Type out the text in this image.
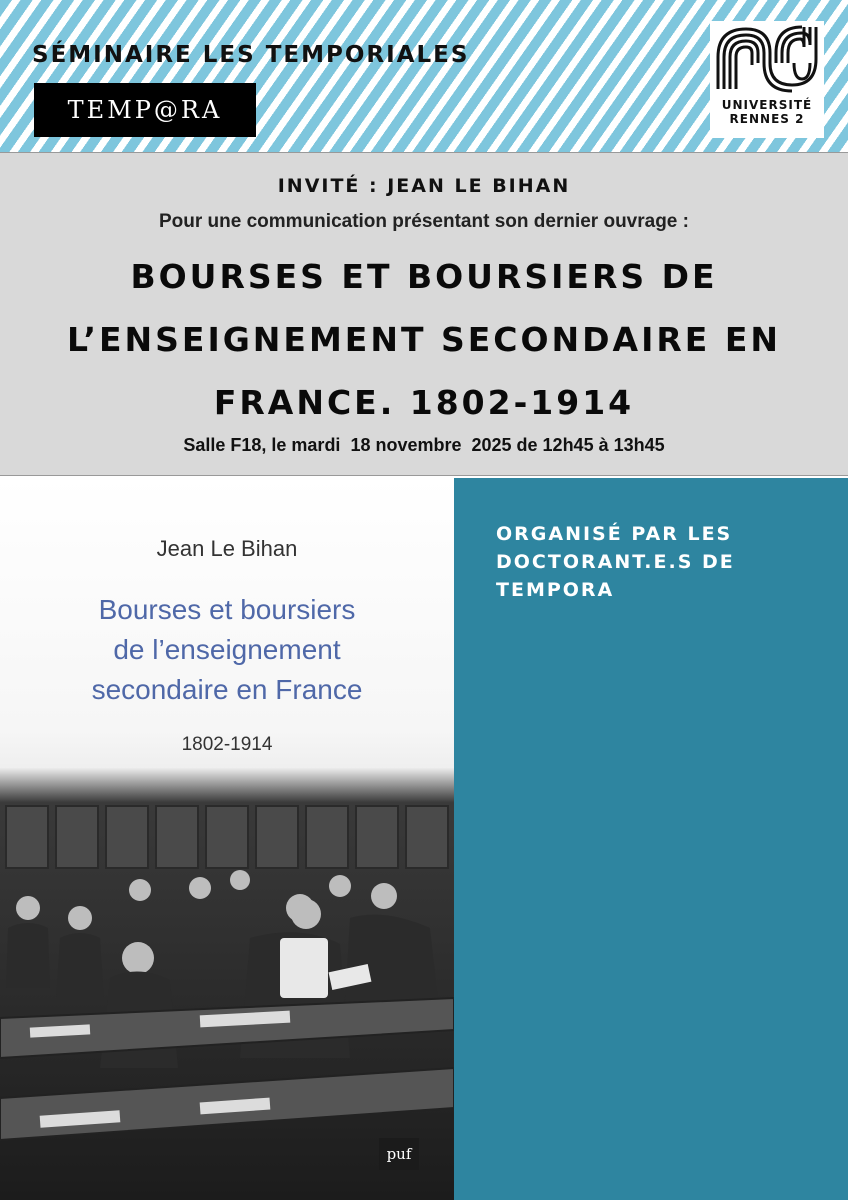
SÉMINAIRE LES TEMPORIALES
TEMP@RA	UNIVERSITÉ
RENNES 2
INVITÉ : JEAN LE BIHAN
Pour une communication présentant son dernier ouvrage :
BOURSES ET BOURSIERS DE
L’ENSEIGNEMENT SECONDAIRE EN
FRANCE. 1802-1914
Salle F18, le mardi  18 novembre  2025 de 12h45 à 13h45
Jean Le Bihan
Bourses et boursiers
de l’enseignement
secondaire en France
1802-1914
puf
ORGANISÉ PAR LES
DOCTORANT.E.S DE
TEMPORA
